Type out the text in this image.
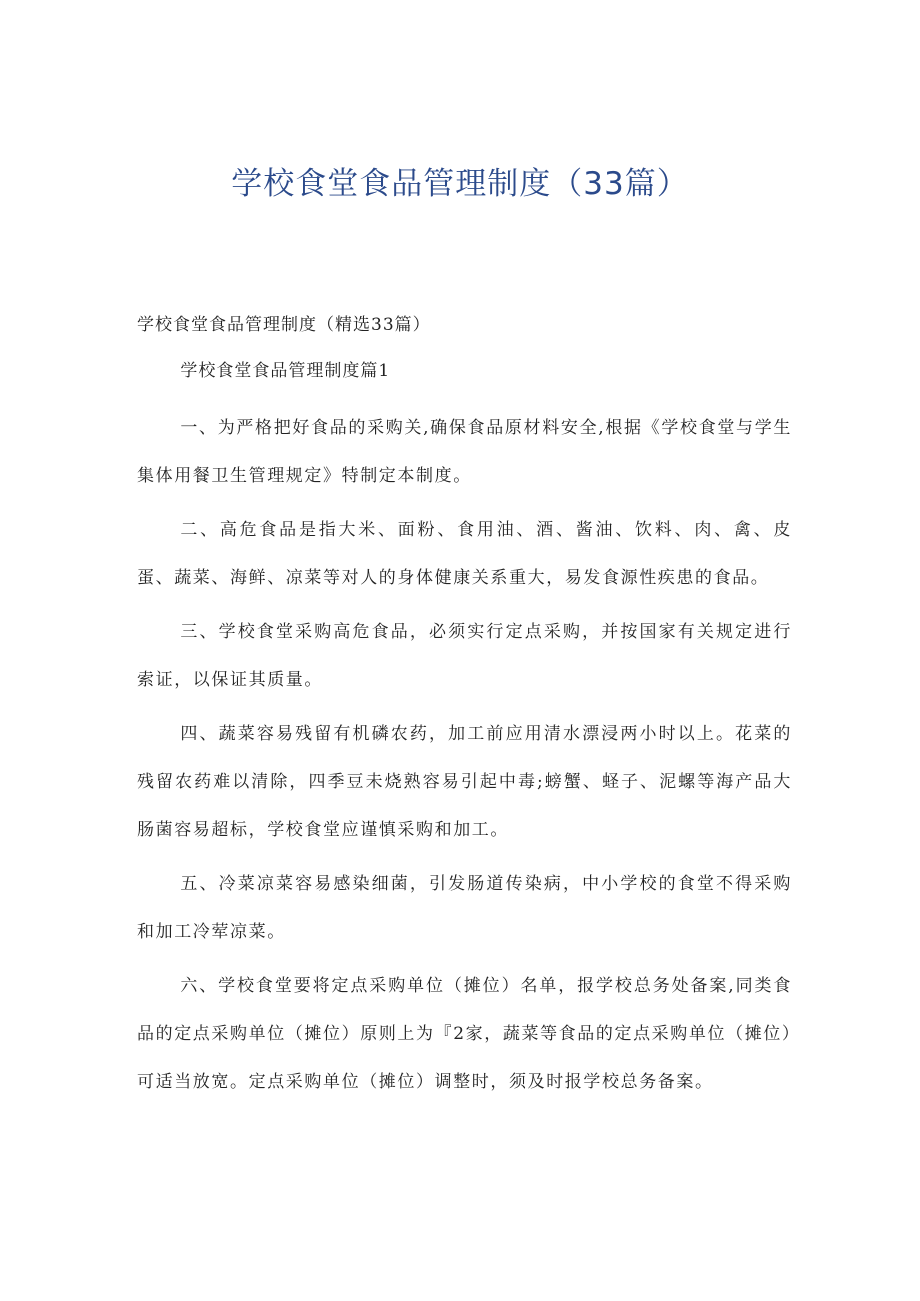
学校食堂食品管理制度（33篇）

学校食堂食品管理制度（精选33篇）

学校食堂食品管理制度篇1

一、为严格把好食品的采购关,确保食品原材料安全,根据《学校食堂与学生集体用餐卫生管理规定》特制定本制度。

二、高危食品是指大米、面粉、食用油、酒、酱油、饮料、肉、禽、皮蛋、蔬菜、海鲜、凉菜等对人的身体健康关系重大，易发食源性疾患的食品。

三、学校食堂采购高危食品，必须实行定点采购，并按国家有关规定进行索证，以保证其质量。

四、蔬菜容易残留有机磷农药，加工前应用清水漂浸两小时以上。花菜的残留农药难以清除，四季豆未烧熟容易引起中毒;螃蟹、蛏子、泥螺等海产品大肠菌容易超标，学校食堂应谨慎采购和加工。

五、冷菜凉菜容易感染细菌，引发肠道传染病，中小学校的食堂不得采购和加工冷荤凉菜。

六、学校食堂要将定点采购单位（摊位）名单，报学校总务处备案,同类食品的定点采购单位（摊位）原则上为『2家，蔬菜等食品的定点采购单位（摊位）可适当放宽。定点采购单位（摊位）调整时，须及时报学校总务备案。
